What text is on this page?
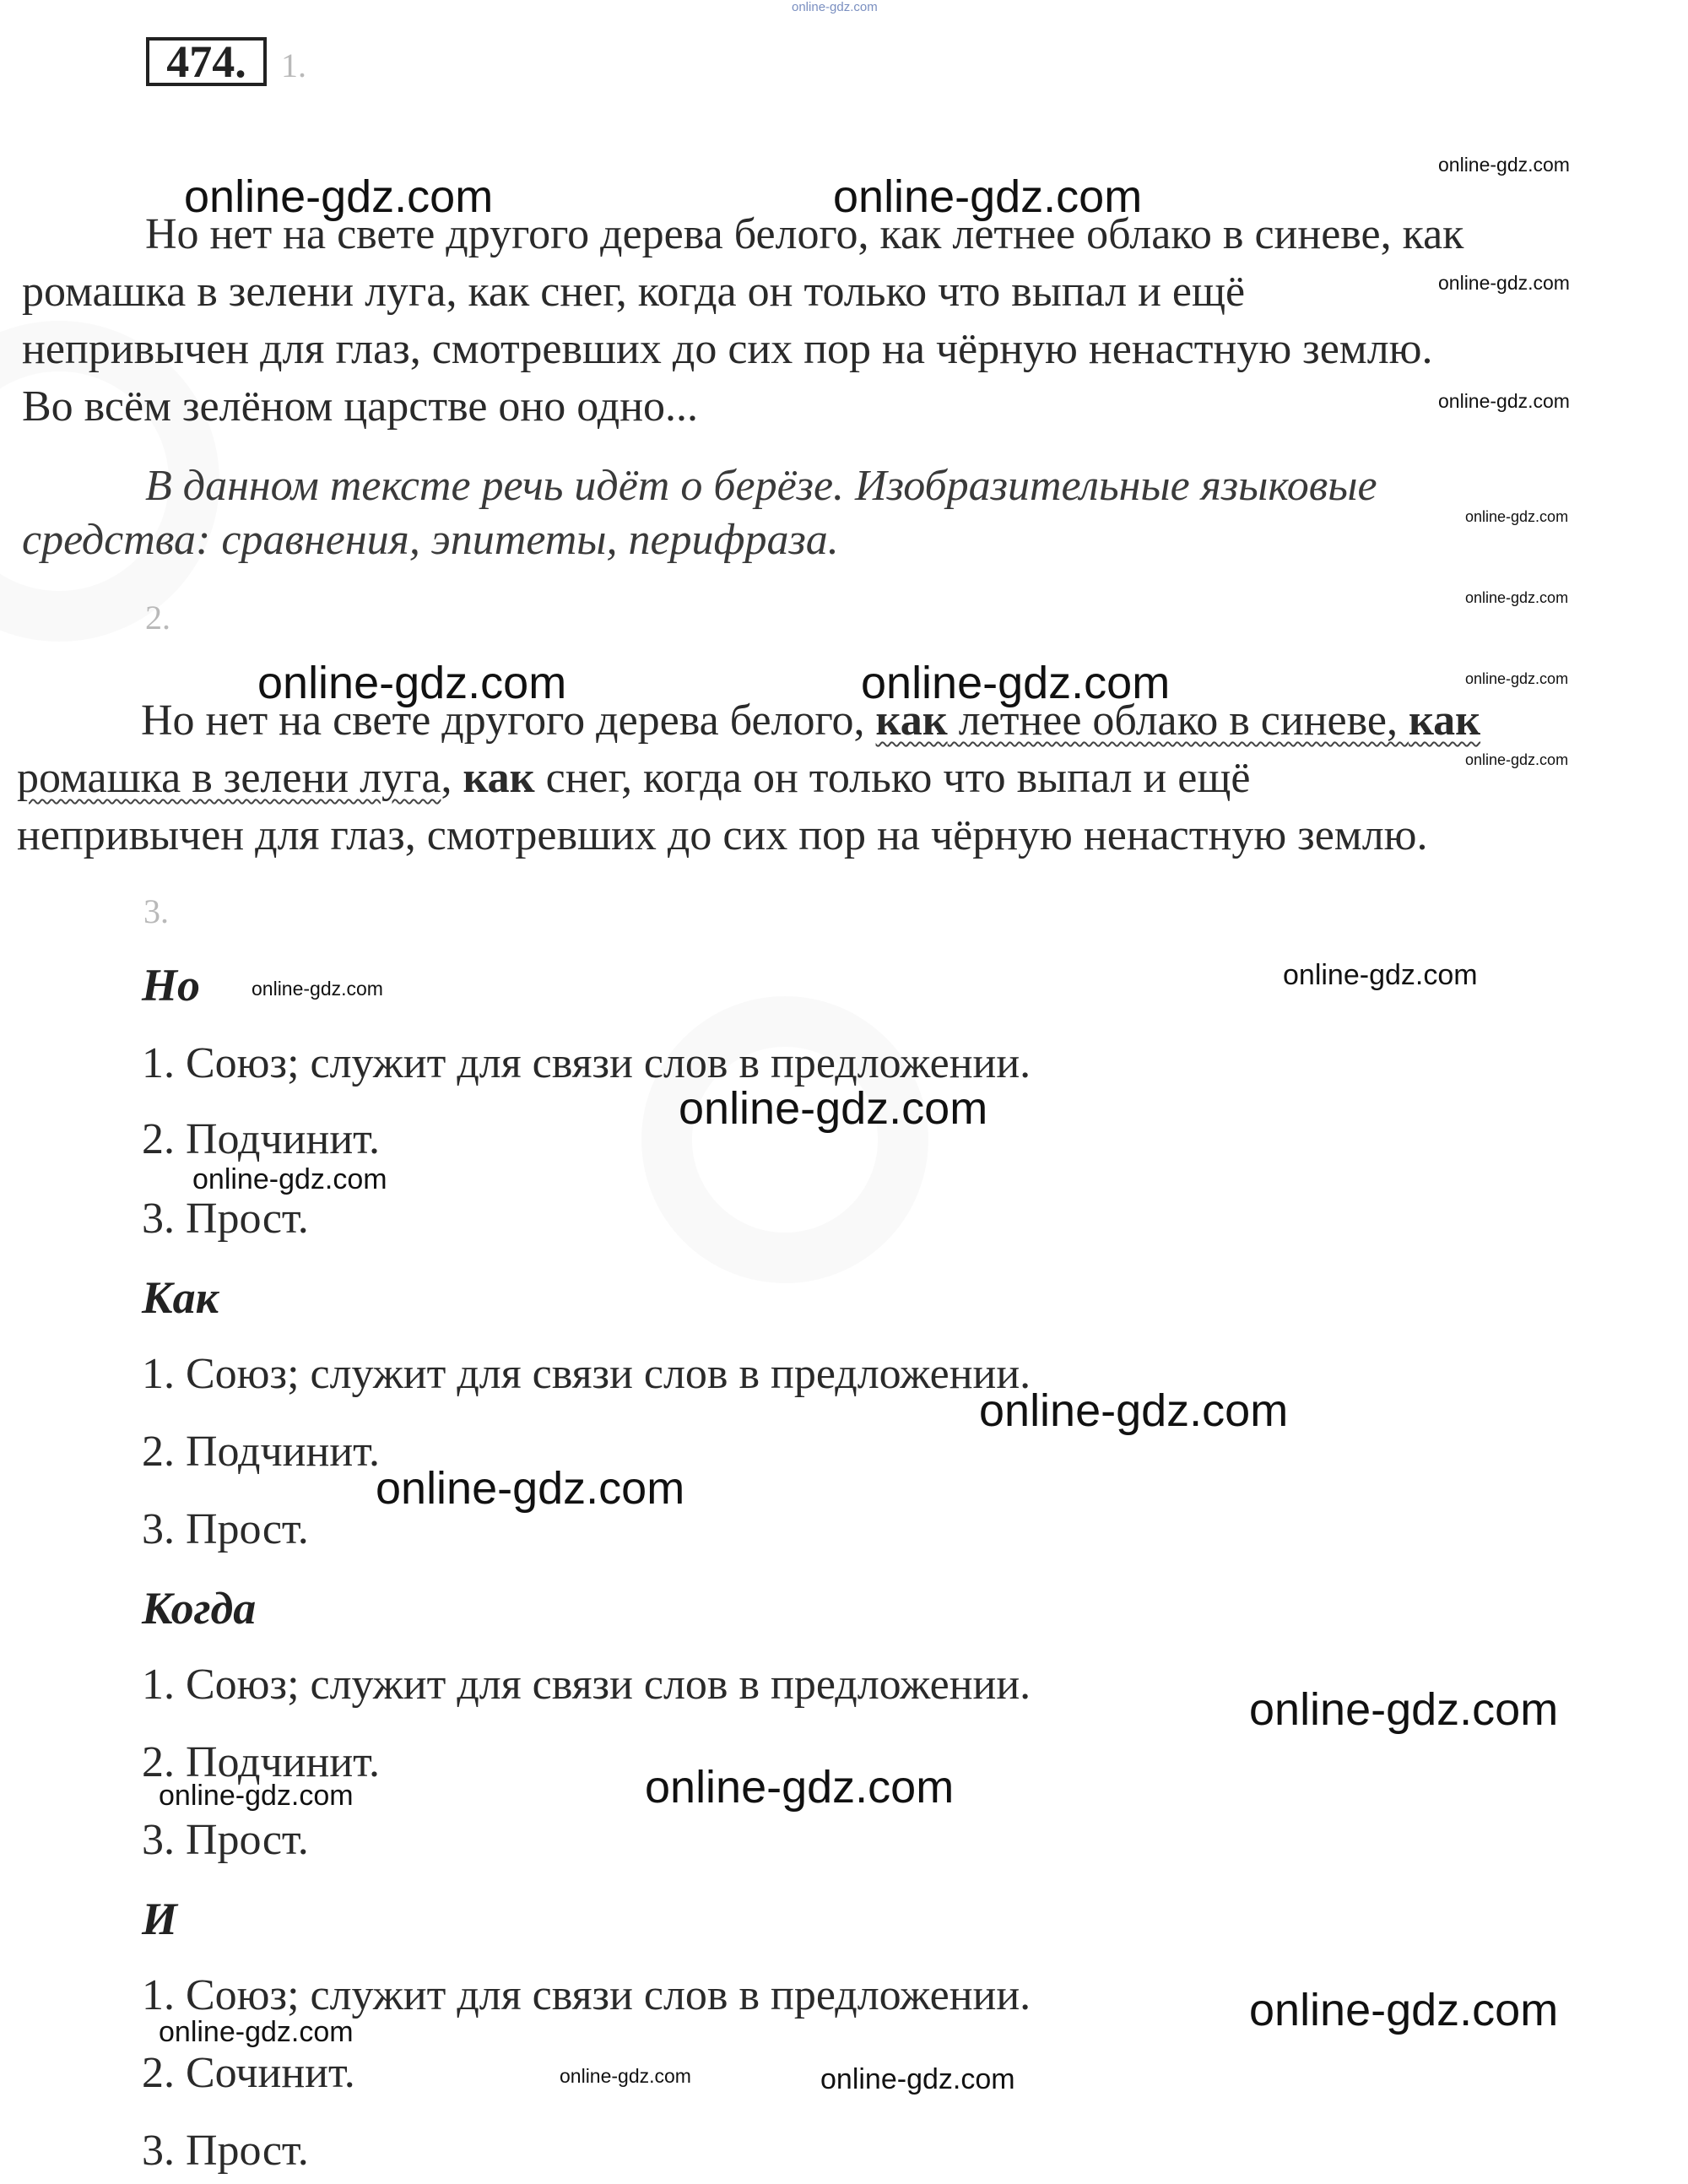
online-gdz.com
474.	1.
Но нет на свете другого дерева белого, как летнее облако в синеве, как
ромашка в зелени луга, как снег, когда он только что выпал и ещё
непривычен для глаз, смотревших до сих пор на чёрную ненастную землю.
Во всём зелёном царстве оно одно...
В данном тексте речь идёт о берёзе. Изобразительные языковые
средства: сравнения, эпитеты, перифраза.
2.
Но нет на свете другого дерева белого, как летнее облако в синеве, как
ромашка в зелени луга, как снег, когда он только что выпал и ещё
непривычен для глаз, смотревших до сих пор на чёрную ненастную землю.
3.
Но
1. Союз; служит для связи слов в предложении.
2. Подчинит.
3. Прост.
Как
1. Союз; служит для связи слов в предложении.
2. Подчинит.
3. Прост.
Когда
1. Союз; служит для связи слов в предложении.
2. Подчинит.
3. Прост.
И
1. Союз; служит для связи слов в предложении.
2. Сочинит.
3. Прост.
online-gdz.com	online-gdz.com
online-gdz.com
online-gdz.com
online-gdz.com
online-gdz.com
online-gdz.com
online-gdz.com
online-gdz.com
online-gdz.com	online-gdz.com
online-gdz.com	online-gdz.com
online-gdz.com
online-gdz.com
online-gdz.com
online-gdz.com
online-gdz.com
online-gdz.com
online-gdz.com
online-gdz.com
online-gdz.com
online-gdz.com	online-gdz.com
